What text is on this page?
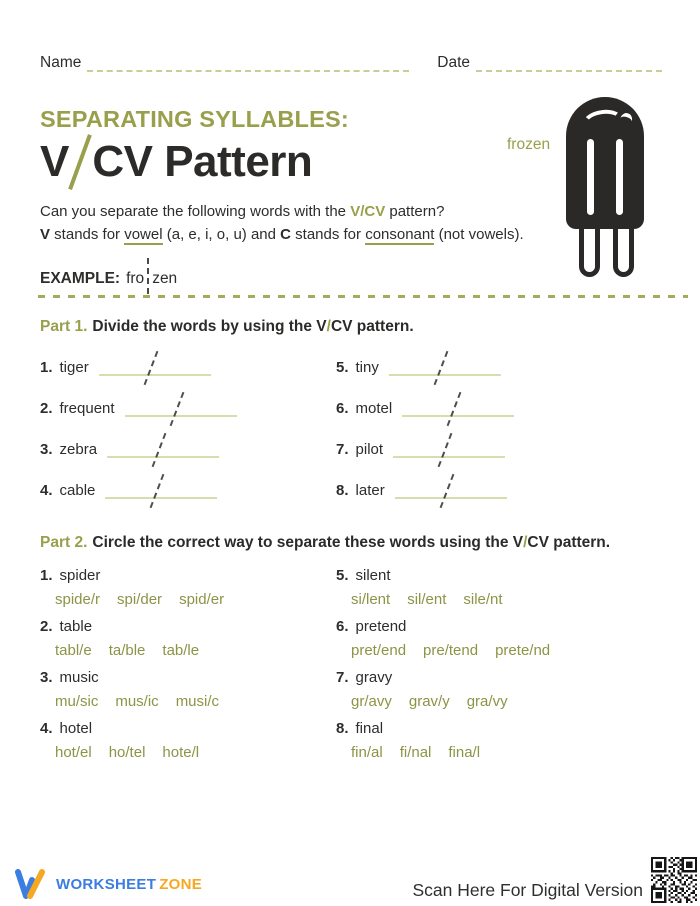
Name	Date
SEPARATING SYLLABLES:
V CV Pattern	frozen
Can you separate the following words with the V/CV pattern?
V stands for vowel (a, e, i, o, u) and C stands for consonant (not vowels).
EXAMPLE: fro zen
Part 1. Divide the words by using the V/CV pattern.
1. tiger
2. frequent
3. zebra
4. cable
5. tiny
6. motel
7. pilot
8. later
Part 2. Circle the correct way to separate these words using the V/CV pattern.
1. spider
spide/r spi/der spid/er
2. table
tabl/e ta/ble tab/le
3. music
mu/sic mus/ic musi/c
4. hotel
hot/el ho/tel hote/l
5. silent
si/lent sil/ent sile/nt
6. pretend
pret/end pre/tend prete/nd
7. gravy
gr/avy grav/y gra/vy
8. final
fin/al fi/nal fina/l
WORKSHEET ZONE	Scan Here For Digital Version
